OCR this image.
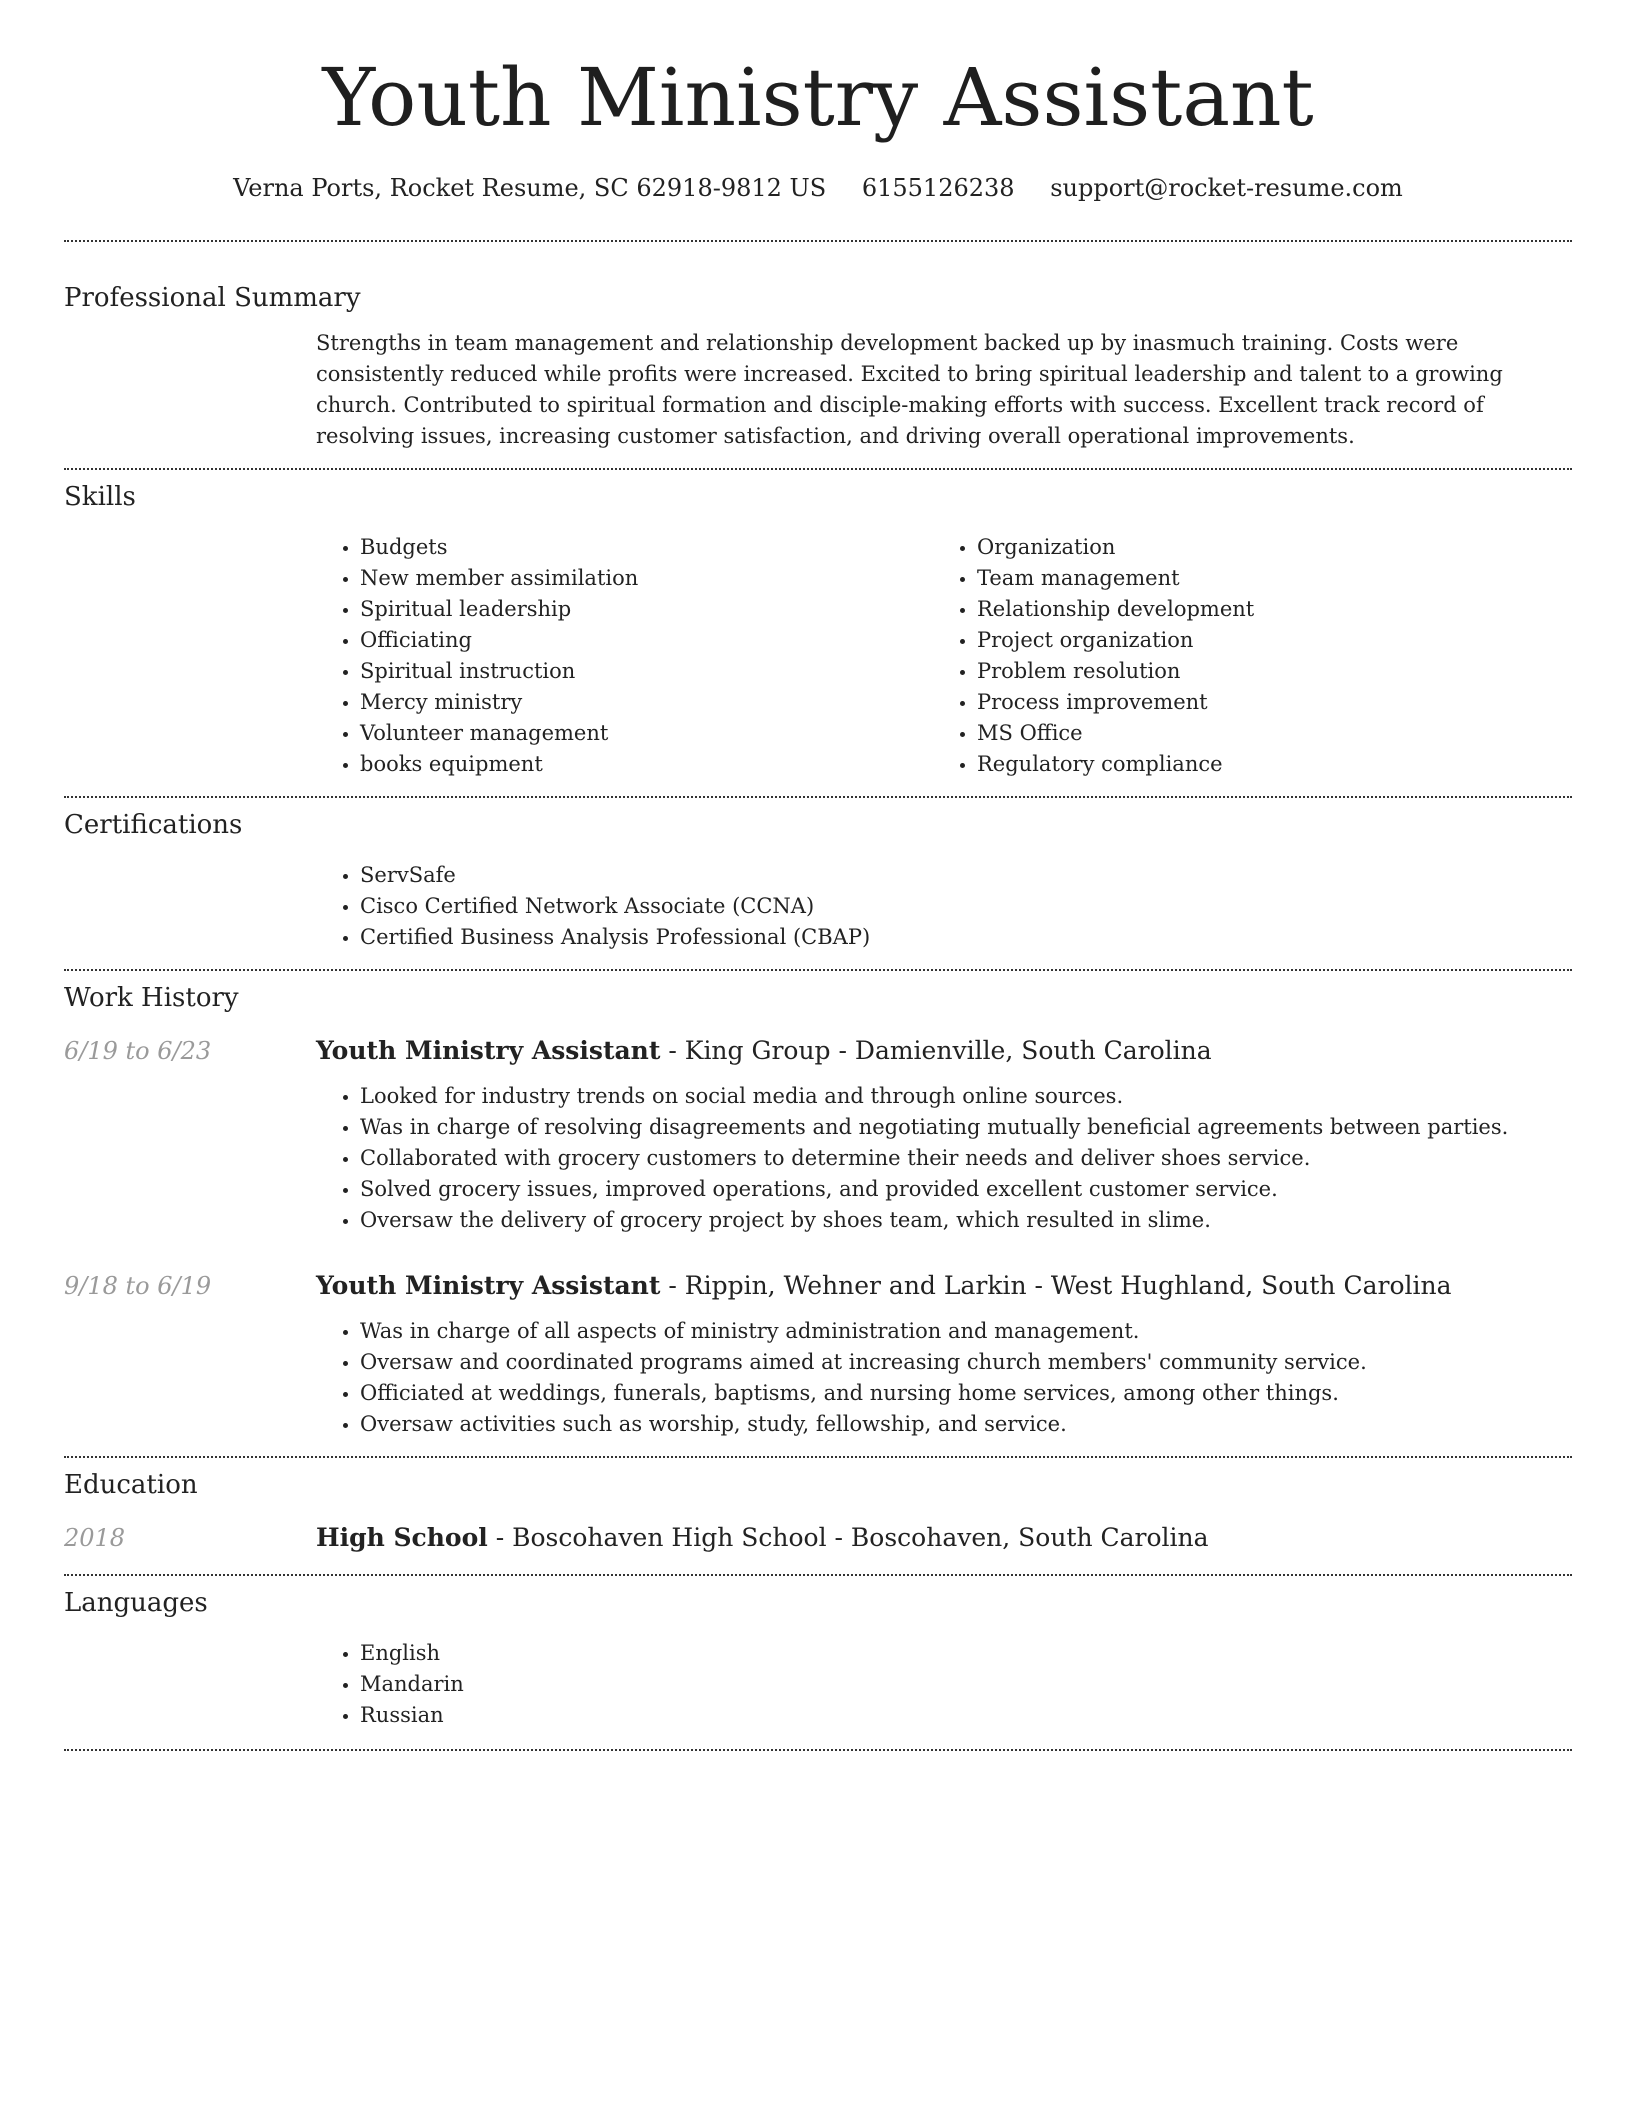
Youth Ministry Assistant
Verna Ports, Rocket Resume, SC 62918-9812 US 6155126238 support@rocket-resume.com
Professional Summary

Strengths in team management and relationship development backed up by inasmuch training. Costs were consistently reduced while profits were increased. Excited to bring spiritual leadership and talent to a growing church. Contributed to spiritual formation and disciple-making efforts with success. Excellent track record of resolving issues, increasing customer satisfaction, and driving overall operational improvements.

Skills
• Budgets
• New member assimilation
• Spiritual leadership
• Officiating
• Spiritual instruction
• Mercy ministry
• Volunteer management
• books equipment
• Organization
• Team management
• Relationship development
• Project organization
• Problem resolution
• Process improvement
• MS Office
• Regulatory compliance
Certifications
• ServSafe
• Cisco Certified Network Associate (CCNA)
• Certified Business Analysis Professional (CBAP)
Work History
6/19 to 6/23	Youth Ministry Assistant - King Group - Damienville, South Carolina
• Looked for industry trends on social media and through online sources.
• Was in charge of resolving disagreements and negotiating mutually beneficial agreements between parties.
• Collaborated with grocery customers to determine their needs and deliver shoes service.
• Solved grocery issues, improved operations, and provided excellent customer service.
• Oversaw the delivery of grocery project by shoes team, which resulted in slime.
9/18 to 6/19	Youth Ministry Assistant - Rippin, Wehner and Larkin - West Hughland, South Carolina
• Was in charge of all aspects of ministry administration and management.
• Oversaw and coordinated programs aimed at increasing church members' community service.
• Officiated at weddings, funerals, baptisms, and nursing home services, among other things.
• Oversaw activities such as worship, study, fellowship, and service.
Education
2018	High School - Boscohaven High School - Boscohaven, South Carolina
Languages
• English
• Mandarin
• Russian
